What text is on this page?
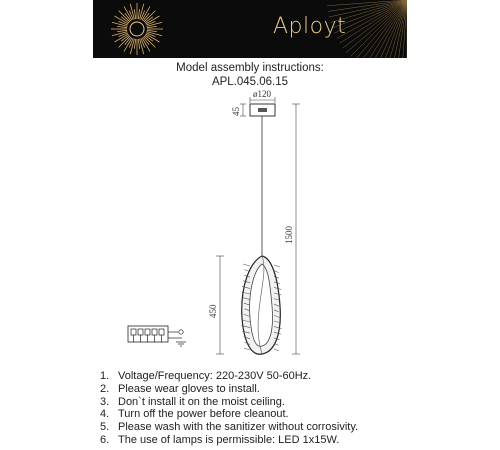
Aployt
Model assembly instructions:
APL.045.06.15
ø120
45
1500
450
1. Voltage/Frequency: 220-230V 50-60Hz.
2. Please wear gloves to install.
3. Don`t install it on the moist ceiling.
4. Turn off the power before cleanout.
5. Please wash with the sanitizer without corrosivity.
6. The use of lamps is permissible: LED 1x15W.
